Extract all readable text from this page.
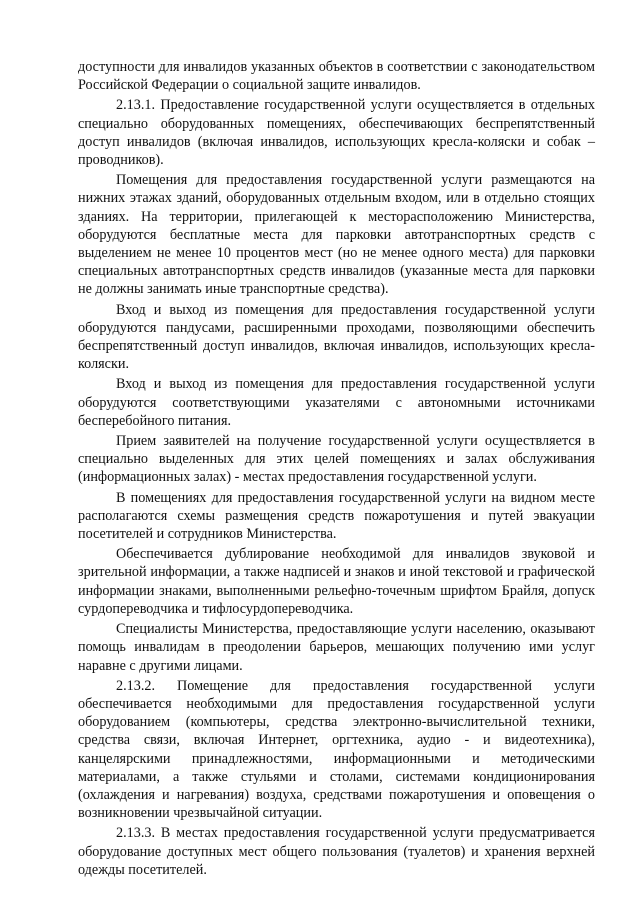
доступности для инвалидов указанных объектов в соответствии с законодательством Российской Федерации о социальной защите инвалидов.

2.13.1. Предоставление государственной услуги осуществляется в отдельных специально оборудованных помещениях, обеспечивающих беспрепятственный доступ инвалидов (включая инвалидов, использующих кресла-коляски и собак – проводников).

Помещения для предоставления государственной услуги размещаются на нижних этажах зданий, оборудованных отдельным входом, или в отдельно стоящих зданиях. На территории, прилегающей к месторасположению Министерства, оборудуются бесплатные места для парковки автотранспортных средств с выделением не менее 10 процентов мест (но не менее одного места) для парковки специальных автотранспортных средств инвалидов (указанные места для парковки не должны занимать иные транспортные средства).

Вход и выход из помещения для предоставления государственной услуги оборудуются пандусами, расширенными проходами, позволяющими обеспечить беспрепятственный доступ инвалидов, включая инвалидов, использующих кресла-коляски.

Вход и выход из помещения для предоставления государственной услуги оборудуются соответствующими указателями с автономными источниками бесперебойного питания.

Прием заявителей на получение государственной услуги осуществляется в специально выделенных для этих целей помещениях и залах обслуживания (информационных залах) - местах предоставления государственной услуги.

В помещениях для предоставления государственной услуги на видном месте располагаются схемы размещения средств пожаротушения и путей эвакуации посетителей и сотрудников Министерства.

Обеспечивается дублирование необходимой для инвалидов звуковой и зрительной информации, а также надписей и знаков и иной текстовой и графической информации знаками, выполненными рельефно-точечным шрифтом Брайля, допуск сурдопереводчика и тифлосурдопереводчика.

Специалисты Министерства, предоставляющие услуги населению, оказывают помощь инвалидам в преодолении барьеров, мешающих получению ими услуг наравне с другими лицами.

2.13.2. Помещение для предоставления государственной услуги обеспечивается необходимыми для предоставления государственной услуги оборудованием (компьютеры, средства электронно-вычислительной техники, средства связи, включая Интернет, оргтехника, аудио - и видеотехника), канцелярскими принадлежностями, информационными и методическими материалами, а также стульями и столами, системами кондиционирования (охлаждения и нагревания) воздуха, средствами пожаротушения и оповещения о возникновении чрезвычайной ситуации.

2.13.3. В местах предоставления государственной услуги предусматривается оборудование доступных мест общего пользования (туалетов) и хранения верхней одежды посетителей.
